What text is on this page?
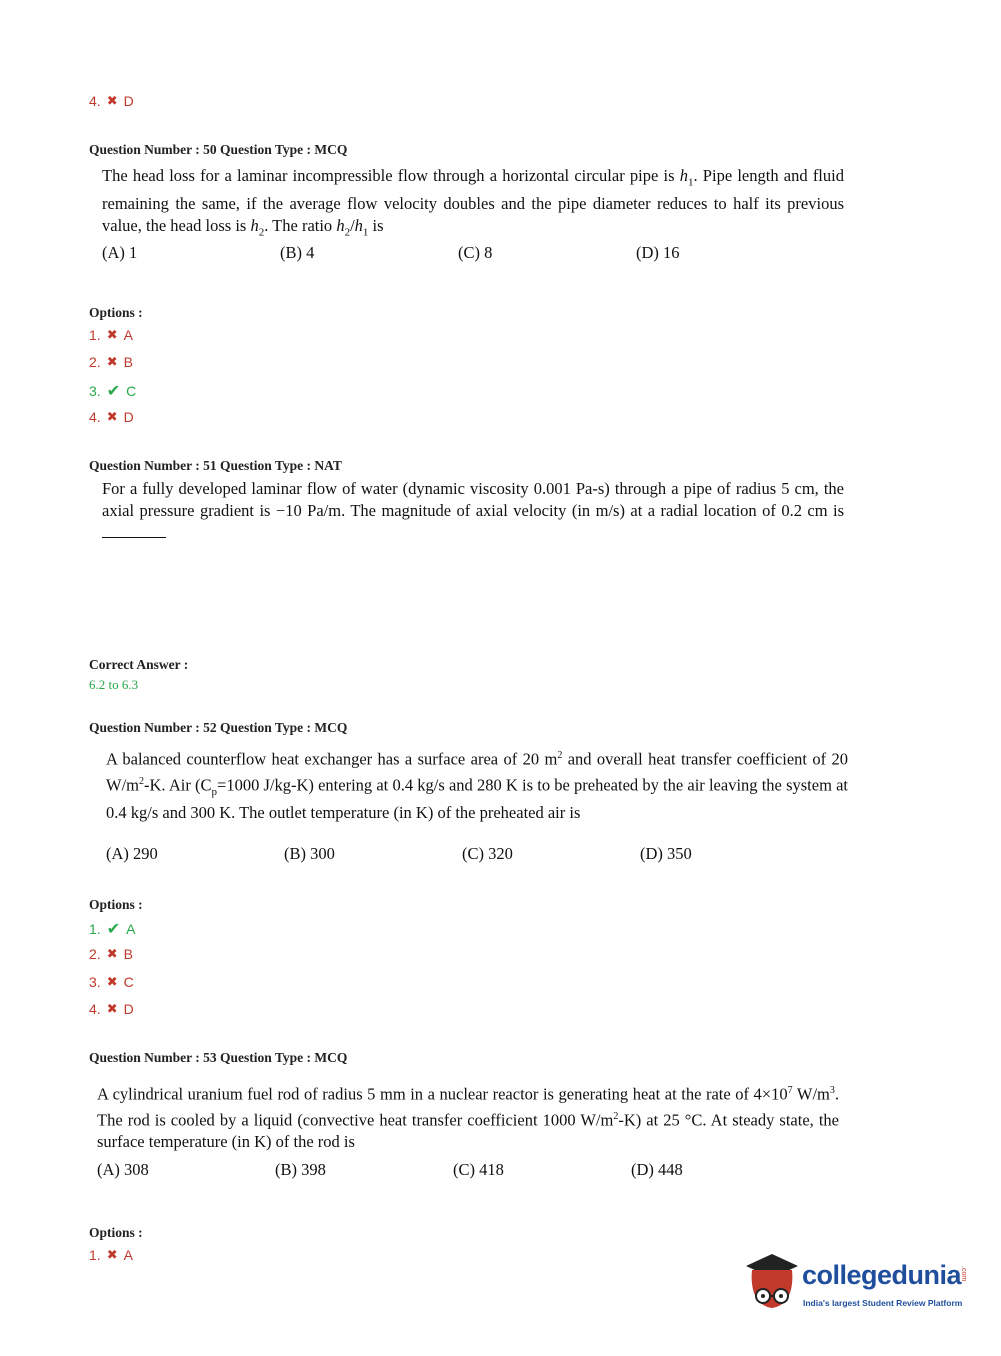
4. ✖ D
Question Number : 50 Question Type : MCQ
The head loss for a laminar incompressible flow through a horizontal circular pipe is $h_1$. Pipe length and fluid remaining the same, if the average flow velocity doubles and the pipe diameter reduces to half its previous value, the head loss is $h_2$. The ratio $h_2/h_1$ is
(A) 1	(B) 4	(C) 8	(D) 16
Options :
1. ✖ A
2. ✖ B
3. ✔ C
4. ✖ D
Question Number : 51 Question Type : NAT
For a fully developed laminar flow of water (dynamic viscosity 0.001 Pa-s) through a pipe of radius 5 cm, the axial pressure gradient is −10 Pa/m. The magnitude of axial velocity (in m/s) at a radial location of 0.2 cm is
Correct Answer :
6.2 to 6.3
Question Number : 52 Question Type : MCQ
A balanced counterflow heat exchanger has a surface area of 20 $m^2$ and overall heat transfer coefficient of 20 $W/m^2-K$. Air ($C_p=1000$ J/kg-K) entering at 0.4 kg/s and 280 K is to be preheated by the air leaving the system at 0.4 kg/s and 300 K. The outlet temperature (in K) of the preheated air is
(A) 290	(B) 300	(C) 320	(D) 350
Options :
1. ✔ A
2. ✖ B
3. ✖ C
4. ✖ D
Question Number : 53 Question Type : MCQ
A cylindrical uranium fuel rod of radius 5 mm in a nuclear reactor is generating heat at the rate of $4\times 10^7$ $W/m^3$. The rod is cooled by a liquid (convective heat transfer coefficient 1000 $W/m^2-K$) at 25 °C. At steady state, the surface temperature (in K) of the rod is
(A) 308	(B) 398	(C) 418	(D) 448
Options :
1. ✖ A
collegedunia
.com
India's largest Student Review Platform
